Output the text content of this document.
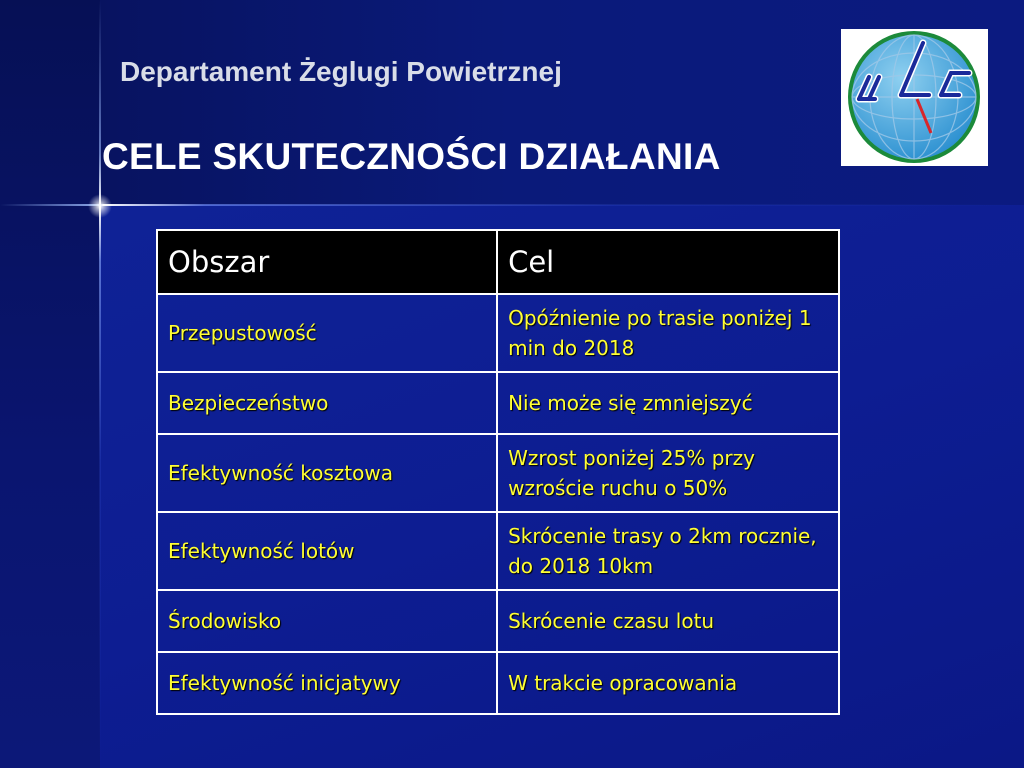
Departament Żeglugi Powietrznej
CELE SKUTECZNOŚCI DZIAŁANIA
Obszar	Cel
Przepustowość	Opóźnienie po trasie poniżej 1 min do 2018
Bezpieczeństwo	Nie może się zmniejszyć
Efektywność kosztowa	Wzrost poniżej 25% przy wzroście ruchu o 50%
Efektywność lotów	Skrócenie trasy o 2km rocznie, do 2018 10km
Środowisko	Skrócenie czasu lotu
Efektywność inicjatywy	W trakcie opracowania
